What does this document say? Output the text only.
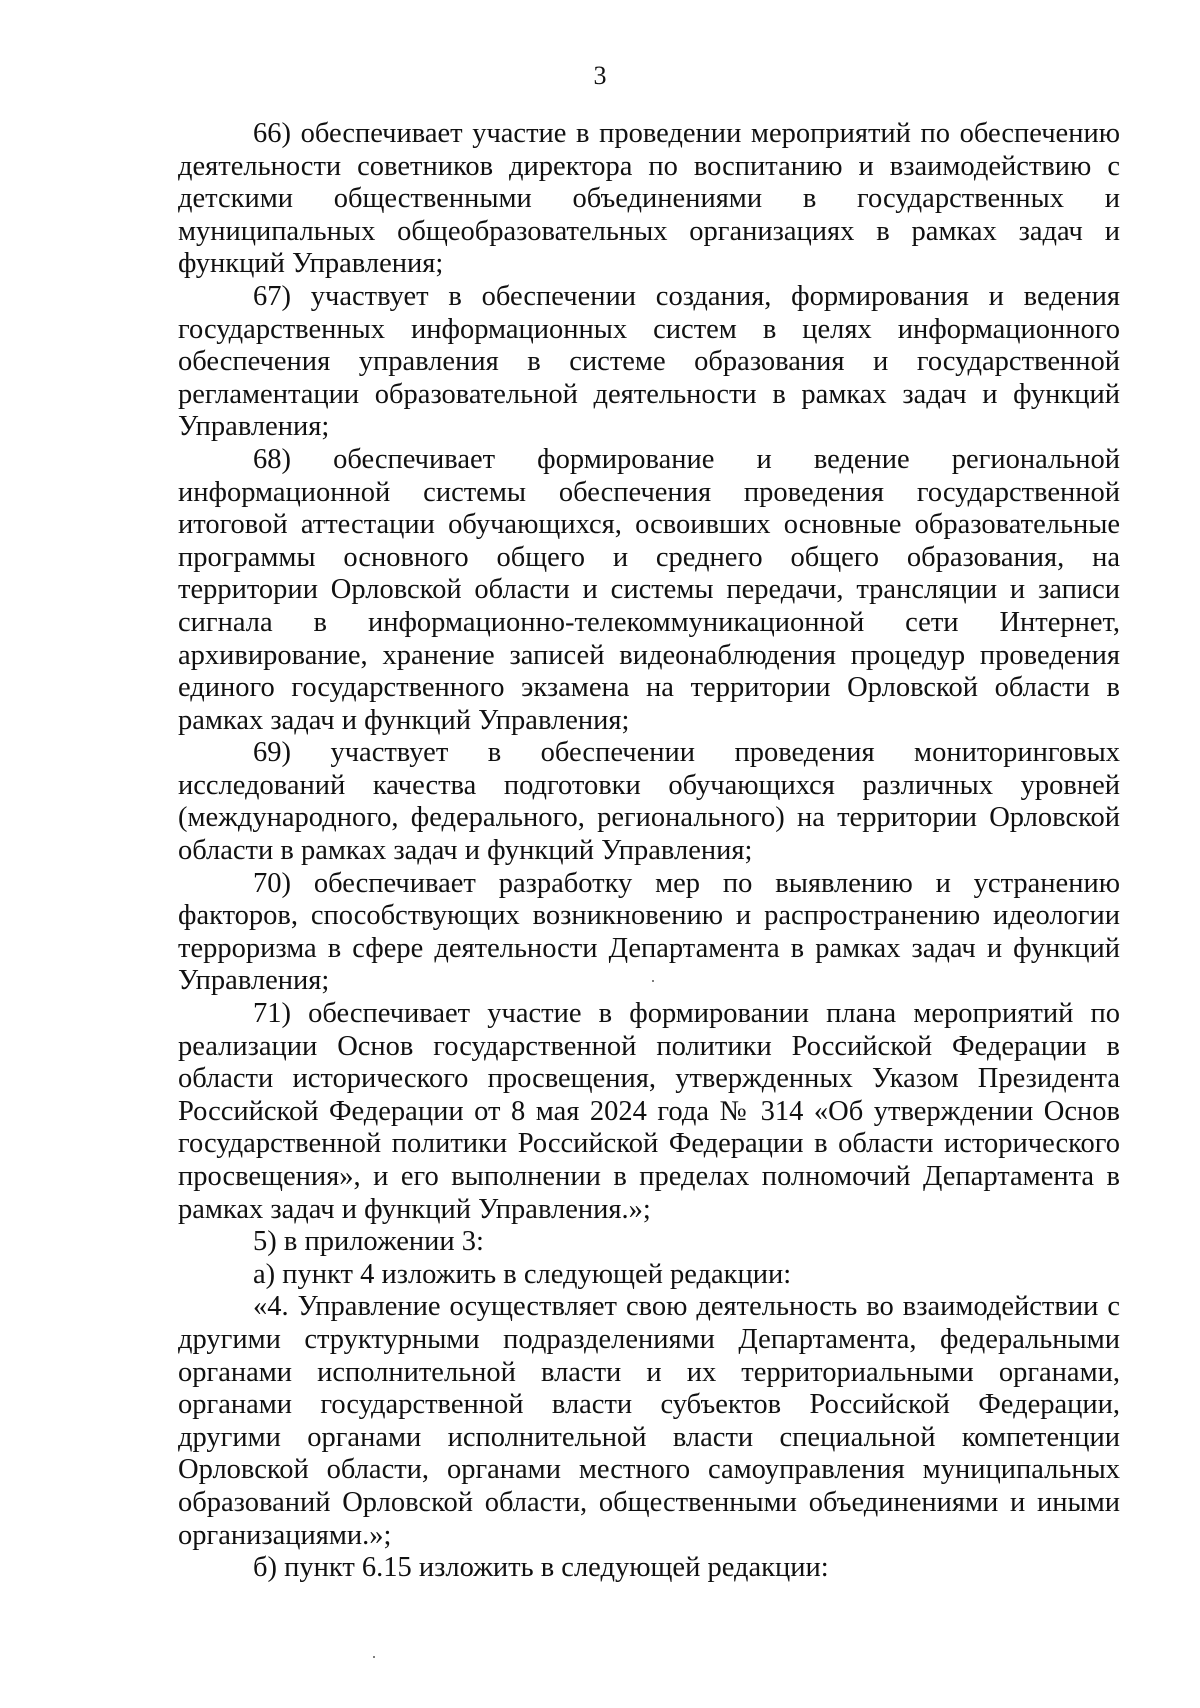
3

66) обеспечивает участие в проведении мероприятий по обеспечению деятельности советников директора по воспитанию и взаимодействию с детскими общественными объединениями в государственных и муниципальных общеобразовательных организациях в рамках задач и функций Управления;

67) участвует в обеспечении создания, формирования и ведения государственных информационных систем в целях информационного обеспечения управления в системе образования и государственной регламентации образовательной деятельности в рамках задач и функций Управления;

68) обеспечивает формирование и ведение региональной информационной системы обеспечения проведения государственной итоговой аттестации обучающихся, освоивших основные образовательные программы основного общего и среднего общего образования, на территории Орловской области и системы передачи, трансляции и записи сигнала в информационно-телекоммуникационной сети Интернет, архивирование, хранение записей видеонаблюдения процедур проведения единого государственного экзамена на территории Орловской области в рамках задач и функций Управления;

69) участвует в обеспечении проведения мониторинговых исследований качества подготовки обучающихся различных уровней (международного, федерального, регионального) на территории Орловской области в рамках задач и функций Управления;

70) обеспечивает разработку мер по выявлению и устранению факторов, способствующих возникновению и распространению идеологии терроризма в сфере деятельности Департамента в рамках задач и функций Управления;

71) обеспечивает участие в формировании плана мероприятий по реализации Основ государственной политики Российской Федерации в области исторического просвещения, утвержденных Указом Президента Российской Федерации от 8 мая 2024 года № 314 «Об утверждении Основ государственной политики Российской Федерации в области исторического просвещения», и его выполнении в пределах полномочий Департамента в рамках задач и функций Управления.»;

5) в приложении 3:

а) пункт 4 изложить в следующей редакции:

«4. Управление осуществляет свою деятельность во взаимодействии с другими структурными подразделениями Департамента, федеральными органами исполнительной власти и их территориальными органами, органами государственной власти субъектов Российской Федерации, другими органами исполнительной власти специальной компетенции Орловской области, органами местного самоуправления муниципальных образований Орловской области, общественными объединениями и иными организациями.»;

б) пункт 6.15 изложить в следующей редакции:
